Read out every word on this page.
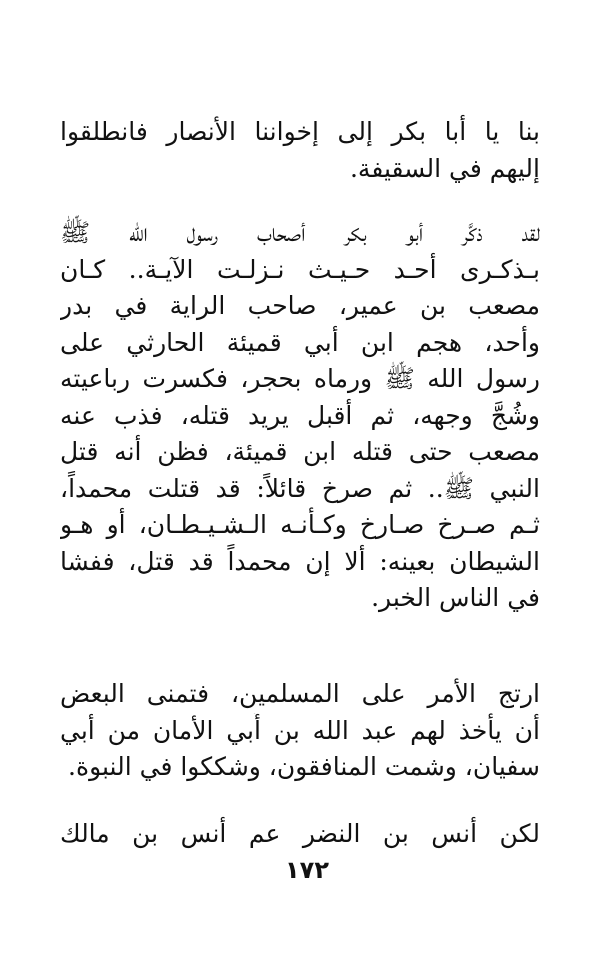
بنا يا أبا بكر إلى إخواننا الأنصار فانطلقوا
إليهم في السقيفة.
لقد ذكَّر أبو بكر أصحاب رسول الله ﷺ
بـذكـرى أحـد حـيـث نـزلـت الآيـة.. كـان
مصعب بن عمير، صاحب الراية في بدر
وأحد، هجم ابن أبي قميئة الحارثي على
رسول الله ﷺ ورماه بحجر، فكسرت رباعيته
وشُجَّ وجهه، ثم أقبل يريد قتله، فذب عنه
مصعب حتى قتله ابن قميئة، فظن أنه قتل
النبي ﷺ.. ثم صرخ قائلاً: قد قتلت محمداً،
ثـم صـرخ صـارخ وكـأنـه الـشـيـطـان، أو هـو
الشيطان بعينه: ألا إن محمداً قد قتل، ففشا
في الناس الخبر.
ارتج الأمر على المسلمين، فتمنى البعض
أن يأخذ لهم عبد الله بن أُبي الأمان من أبي
سفيان، وشمت المنافقون، وشككوا في النبوة.
لكن أنس بن النضر عم أنس بن مالك
١٧٢
